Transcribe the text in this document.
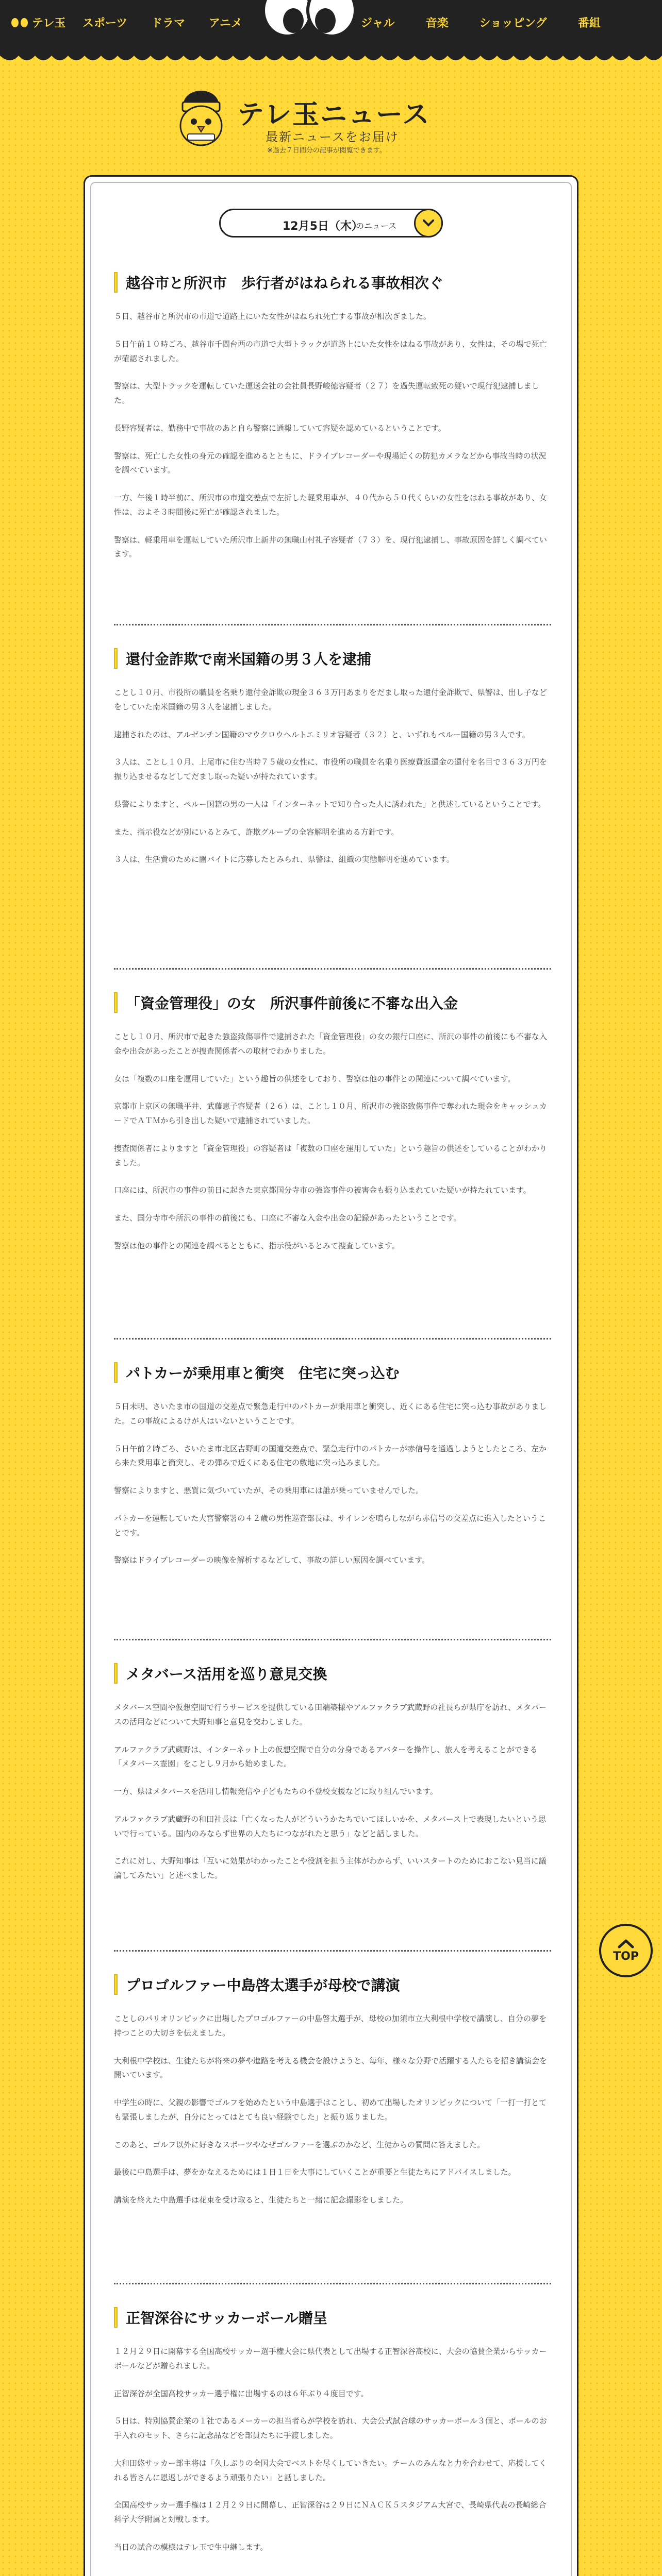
テレ玉 スポーツ ドラマ アニメ	ジャル	音楽	ショッピング	番組
テレ玉ニュース
最新ニュースをお届け
※過去７日間分の記事が閲覧できます。
12月5日（木）
のニュース
越谷市と所沢市　歩行者がはねられる事故相次ぐ

５日、越谷市と所沢市の市道で道路上にいた女性がはねられ死亡する事故が相次ぎました。

５日午前１０時ごろ、越谷市千間台西の市道で大型トラックが道路上にいた女性をはねる事故があり、女性は、その場で死亡が確認されました。

警察は、大型トラックを運転していた運送会社の会社員長野峻徳容疑者（２７）を過失運転致死の疑いで現行犯逮捕しました。

長野容疑者は、勤務中で事故のあと自ら警察に通報していて容疑を認めているということです。

警察は、死亡した女性の身元の確認を進めるとともに、ドライブレコーダーや現場近くの防犯カメラなどから事故当時の状況を調べています。

一方、午後１時半前に、所沢市の市道交差点で左折した軽乗用車が、４０代から５０代くらいの女性をはねる事故があり、女性は、およそ３時間後に死亡が確認されました。

警察は、軽乗用車を運転していた所沢市上新井の無職山村礼子容疑者（７３）を、現行犯逮捕し、事故原因を詳しく調べています。

還付金詐欺で南米国籍の男３人を逮捕

ことし１０月、市役所の職員を名乗り還付金詐欺の現金３６３万円あまりをだまし取った還付金詐欺で、県警は、出し子などをしていた南米国籍の男３人を逮捕しました。

逮捕されたのは、アルゼンチン国籍のマウクロウヘルトエミリオ容疑者（３２）と、いずれもペルー国籍の男３人です。

３人は、ことし１０月、上尾市に住む当時７５歳の女性に、市役所の職員を名乗り医療費返還金の還付を名目で３６３万円を振り込ませるなどしてだまし取った疑いが持たれています。

県警によりますと、ペルー国籍の男の一人は「インターネットで知り合った人に誘われた」と供述しているということです。

また、指示役などが別にいるとみて、詐欺グループの全容解明を進める方針です。

３人は、生活費のために闇バイトに応募したとみられ、県警は、組織の実態解明を進めています。

「資金管理役」の女　所沢事件前後に不審な出入金

ことし１０月、所沢市で起きた強盗致傷事件で逮捕された「資金管理役」の女の銀行口座に、所沢の事件の前後にも不審な入金や出金があったことが捜査関係者への取材でわかりました。

女は「複数の口座を運用していた」という趣旨の供述をしており、警察は他の事件との関連について調べています。

京都市上京区の無職平井、武藤恵子容疑者（２６）は、ことし１０月、所沢市の強盗致傷事件で奪われた現金をキャッシュカードでＡＴＭから引き出した疑いで逮捕されていました。

捜査関係者によりますと「資金管理役」の容疑者は「複数の口座を運用していた」という趣旨の供述をしていることがわかりました。

口座には、所沢市の事件の前日に起きた東京都国分寺市の強盗事件の被害金も振り込まれていた疑いが持たれています。

また、国分寺市や所沢の事件の前後にも、口座に不審な入金や出金の記録があったということです。

警察は他の事件との関連を調べるとともに、指示役がいるとみて捜査しています。

パトカーが乗用車と衝突　住宅に突っ込む

５日未明、さいたま市の国道の交差点で緊急走行中のパトカーが乗用車と衝突し、近くにある住宅に突っ込む事故がありました。この事故によるけが人はいないということです。

５日午前２時ごろ、さいたま市北区吉野町の国道交差点で、緊急走行中のパトカーが赤信号を通過しようとしたところ、左から来た乗用車と衝突し、その弾みで近くにある住宅の敷地に突っ込みました。

警察によりますと、悪質に気づいていたが、その乗用車には誰が乗っていませんでした。

パトカーを運転していた大宮警察署の４２歳の男性巡査部長は、サイレンを鳴らしながら赤信号の交差点に進入したということです。

警察はドライブレコーダーの映像を解析するなどして、事故の詳しい原因を調べています。

メタバース活用を巡り意見交換

メタバース空間や仮想空間で行うサービスを提供している田端築様やアルファクラブ武蔵野の社長らが県庁を訪れ、メタバースの活用などについて大野知事と意見を交わしました。

アルファクラブ武蔵野は、インターネット上の仮想空間で自分の分身であるアバターを操作し、旅人を考えることができる「メタバース霊園」をことし９月から始めました。

一方、県はメタバースを活用し情報発信や子どもたちの不登校支援などに取り組んでいます。

アルファクラブ武蔵野の和田社長は「亡くなった人がどういうかたちでいてほしいかを、メタバース上で表現したいという思いで行っている。国内のみならず世界の人たちにつながれたと思う」などと話しました。

これに対し、大野知事は「互いに効果がわかったことや役割を担う主体がわからず、いいスタートのためにおこない見当に議論してみたい」と述べました。

プロゴルファー中島啓太選手が母校で講演

ことしのパリオリンピックに出場したプロゴルファーの中島啓太選手が、母校の加須市立大利根中学校で講演し、自分の夢を持つことの大切さを伝えました。

大利根中学校は、生徒たちが将来の夢や進路を考える機会を設けようと、毎年、様々な分野で活躍する人たちを招き講演会を開いています。

中学生の時に、父親の影響でゴルフを始めたという中島選手はことし、初めて出場したオリンピックについて「一打一打とても緊張しましたが、自分にとってはとても良い経験でした」と振り返りました。

このあと、ゴルフ以外に好きなスポーツやなぜゴルファーを選ぶのかなど、生徒からの質問に答えました。

最後に中島選手は、夢をかなえるためには１日１日を大事にしていくことが重要と生徒たちにアドバイスしました。

講演を終えた中島選手は花束を受け取ると、生徒たちと一緒に記念撮影をしました。

正智深谷にサッカーボール贈呈

１２月２９日に開幕する全国高校サッカー選手権大会に県代表として出場する正智深谷高校に、大会の協賛企業からサッカーボールなどが贈られました。

正智深谷が全国高校サッカー選手権に出場するのは６年ぶり４度目です。

５日は、特別協賛企業の１社であるメーカーの担当者らが学校を訪れ、大会公式試合球のサッカーボール３個と、ボールのお手入れのセット、さらに記念品などを部員たちに手渡しました。

大和田悠サッカー部主将は「久しぶりの全国大会でベストを尽くしていきたい。チームのみんなと力を合わせて、応援してくれる皆さんに恩返しができるよう頑張りたい」と話しました。

全国高校サッカー選手権は１２月２９日に開幕し、正智深谷は２９日にＮＡＣＫ５スタジアム大宮で、長崎県代表の長崎総合科学大学附属と対戦します。

当日の試合の模様はテレ玉で生中継します。

TOP
